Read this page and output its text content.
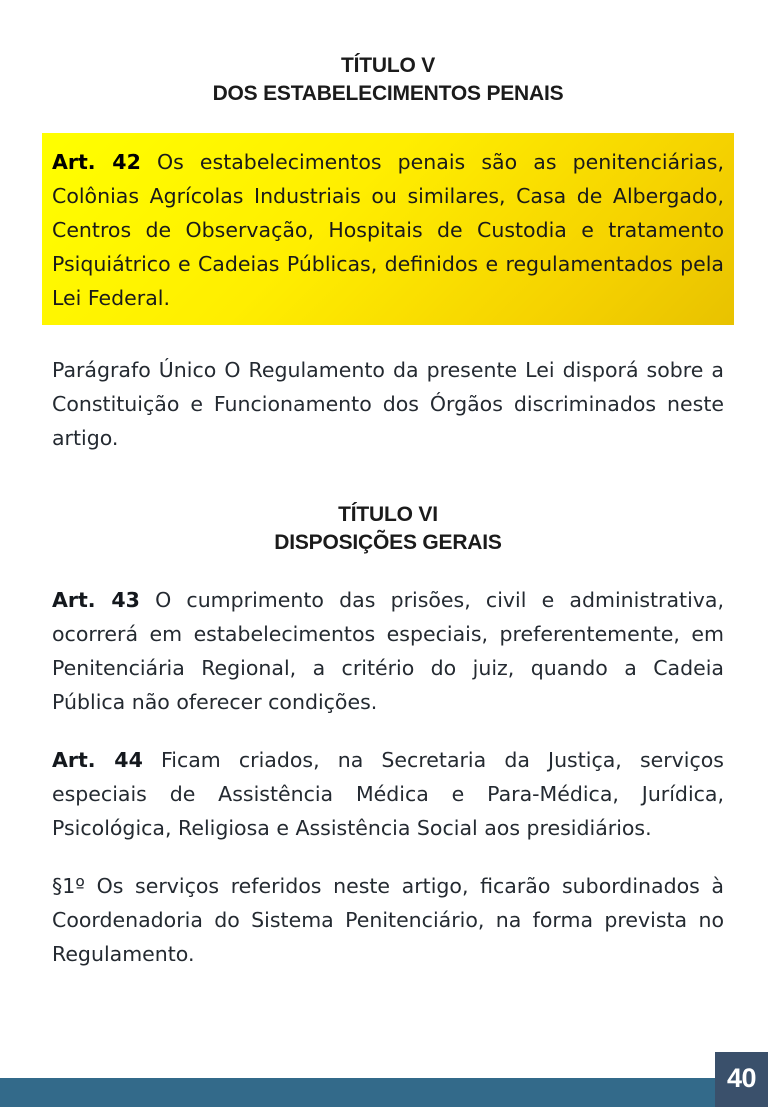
TÍTULO V
DOS ESTABELECIMENTOS PENAIS

Art. 42 Os estabelecimentos penais são as penitenciárias, Colônias Agrícolas Industriais ou similares, Casa de Albergado, Centros de Observação, Hospitais de Custodia e tratamento Psiquiátrico e Cadeias Públicas, definidos e regulamentados pela Lei Federal.

Parágrafo Único O Regulamento da presente Lei disporá sobre a Constituição e Funcionamento dos Órgãos discriminados neste artigo.

TÍTULO VI
DISPOSIÇÕES GERAIS

Art. 43 O cumprimento das prisões, civil e administrativa, ocorrerá em estabelecimentos especiais, preferentemente, em Penitenciária Regional, a critério do juiz, quando a Cadeia Pública não oferecer condições.

Art. 44 Ficam criados, na Secretaria da Justiça, serviços especiais de Assistência Médica e Para-Médica, Jurídica, Psicológica, Religiosa e Assistência Social aos presidiários.

§1º Os serviços referidos neste artigo, ficarão subordinados à Coordenadoria do Sistema Penitenciário, na forma prevista no Regulamento.

40
